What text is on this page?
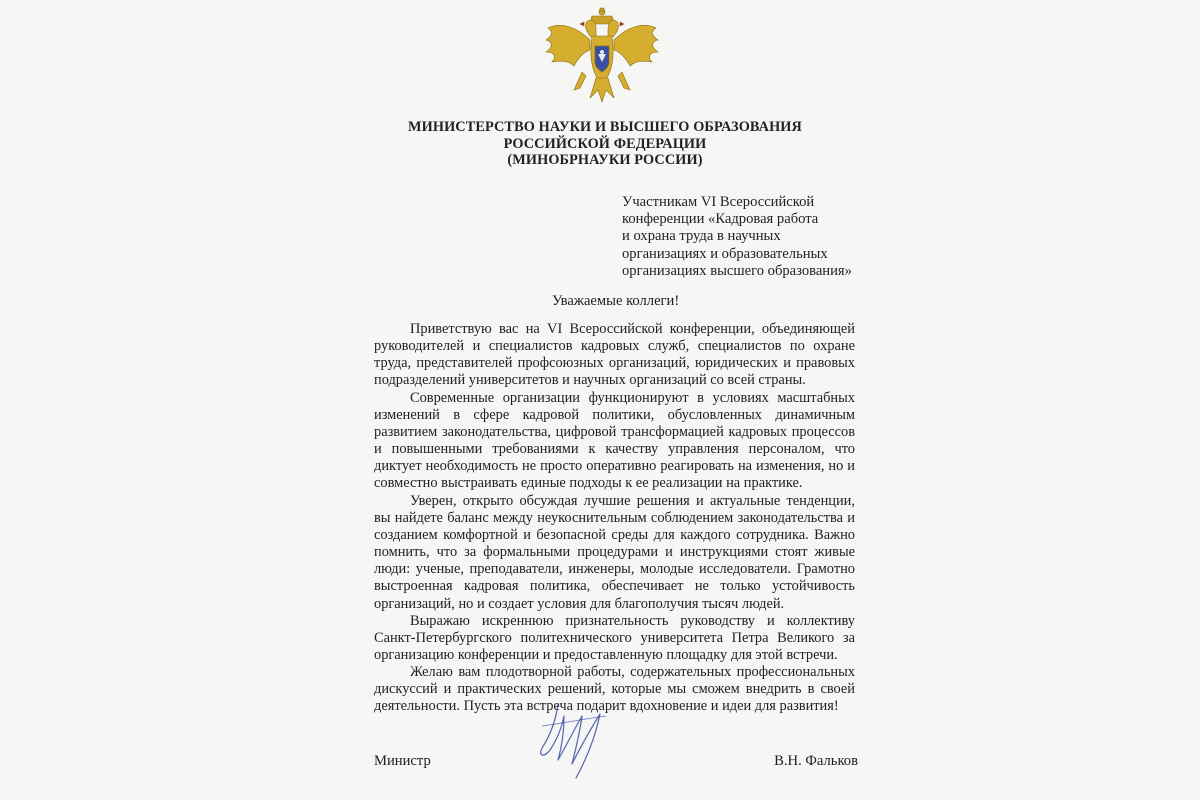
МИНИСТЕРСТВО НАУКИ И ВЫСШЕГО ОБРАЗОВАНИЯ
РОССИЙСКОЙ ФЕДЕРАЦИИ
(МИНОБРНАУКИ РОССИИ)
Участникам VI Всероссийской
конференции «Кадровая работа
и охрана труда в научных
организациях и образовательных
организациях высшего образования»
Уважаемые коллеги!

Приветствую вас на VI Всероссийской конференции, объединяющей руководителей и специалистов кадровых служб, специалистов по охране труда, представителей профсоюзных организаций, юридических и правовых подразделений университетов и научных организаций со всей страны.

Современные организации функционируют в условиях масштабных изменений в сфере кадровой политики, обусловленных динамичным развитием законодательства, цифровой трансформацией кадровых процессов и повышенными требованиями к качеству управления персоналом, что диктует необходимость не просто оперативно реагировать на изменения, но и совместно выстраивать единые подходы к ее реализации на практике.

Уверен, открыто обсуждая лучшие решения и актуальные тенденции, вы найдете баланс между неукоснительным соблюдением законодательства и созданием комфортной и безопасной среды для каждого сотрудника. Важно помнить, что за формальными процедурами и инструкциями стоят живые люди: ученые, преподаватели, инженеры, молодые исследователи. Грамотно выстроенная кадровая политика, обеспечивает не только устойчивость организаций, но и создает условия для благополучия тысяч людей.

Выражаю искреннюю признательность руководству и коллективу Санкт-Петербургского политехнического университета Петра Великого за организацию конференции и предоставленную площадку для этой встречи.

Желаю вам плодотворной работы, содержательных профессиональных дискуссий и практических решений, которые мы сможем внедрить в своей деятельности. Пусть эта встреча подарит вдохновение и идеи для развития!

Министр	В.Н. Фальков
